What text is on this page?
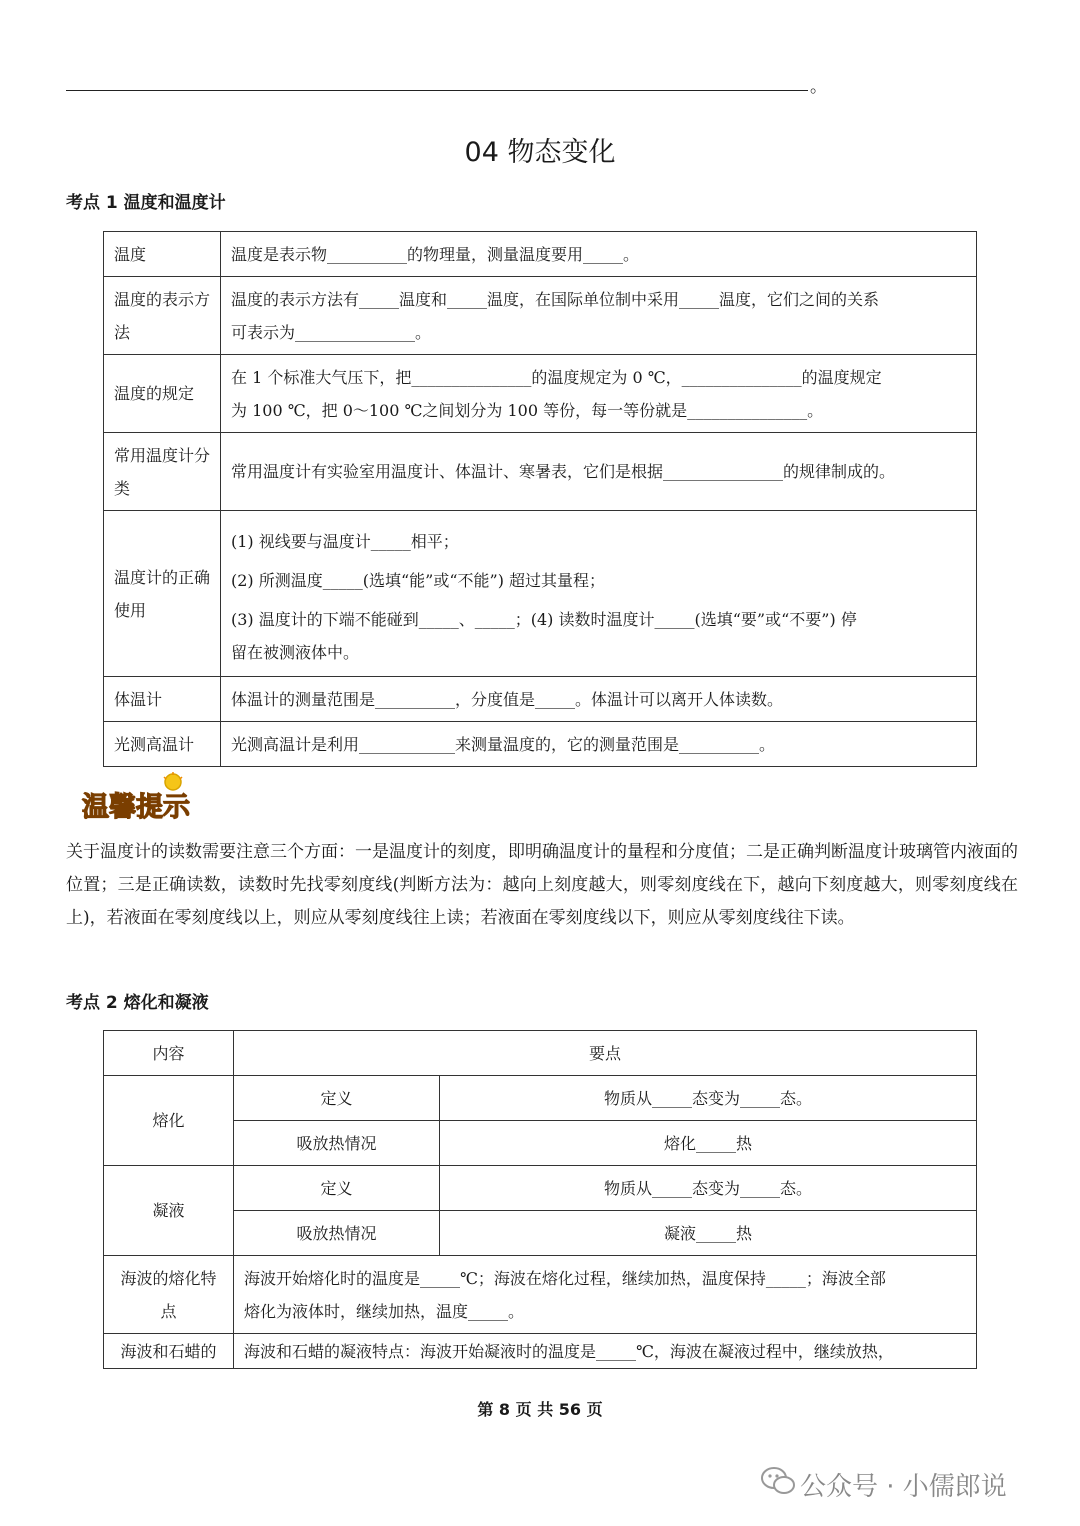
。
04 物态变化
考点 1 温度和温度计
温度	温度是表示物__________的物理量，测量温度要用_____。

温度的表示方法	温度的表示方法有_____温度和_____温度，在国际单位制中采用_____温度，它们之间的关系
可表示为_______________。

温度的规定	在 1 个标准大气压下，把_______________的温度规定为 0 ℃，_______________的温度规定
为 100 ℃，把 0～100 ℃之间划分为 100 等份，每一等份就是_______________。

常用温度计分类	常用温度计有实验室用温度计、体温计、寒暑表，它们是根据_______________的规律制成的。

温度计的正确使用	(1) 视线要与温度计_____相平；
(2) 所测温度_____(选填“能”或“不能”) 超过其量程；
(3) 温度计的下端不能碰到_____、_____；(4) 读数时温度计_____(选填“要”或“不要”) 停
留在被测液体中。

体温计	体温计的测量范围是__________，分度值是_____。体温计可以离开人体读数。

光测高温计	光测高温计是利用____________来测量温度的，它的测量范围是__________。
温馨提示
关于温度计的读数需要注意三个方面：一是温度计的刻度，即明确温度计的量程和分度值；二是正确判断温度计玻璃管内液面的位置；三是正确读数，读数时先找零刻度线(判断方法为：越向上刻度越大，则零刻度线在下，越向下刻度越大，则零刻度线在上)，若液面在零刻度线以上，则应从零刻度线往上读；若液面在零刻度线以下，则应从零刻度线往下读。
考点 2 熔化和凝液
内容	要点	
熔化	定义	物质从_____态变为_____态。
	吸放热情况	熔化_____热
凝液	定义	物质从_____态变为_____态。
	吸放热情况	凝液_____热
海波的熔化特点	海波开始熔化时的温度是_____℃；海波在熔化过程，继续加热，温度保持_____；海波全部
熔化为液体时，继续加热，温度_____。	

海波和石蜡的	海波和石蜡的凝液特点：海波开始凝液时的温度是_____℃，海波在凝液过程中，继续放热，	
第 8 页 共 56 页
公众号 · 小儒郎说
